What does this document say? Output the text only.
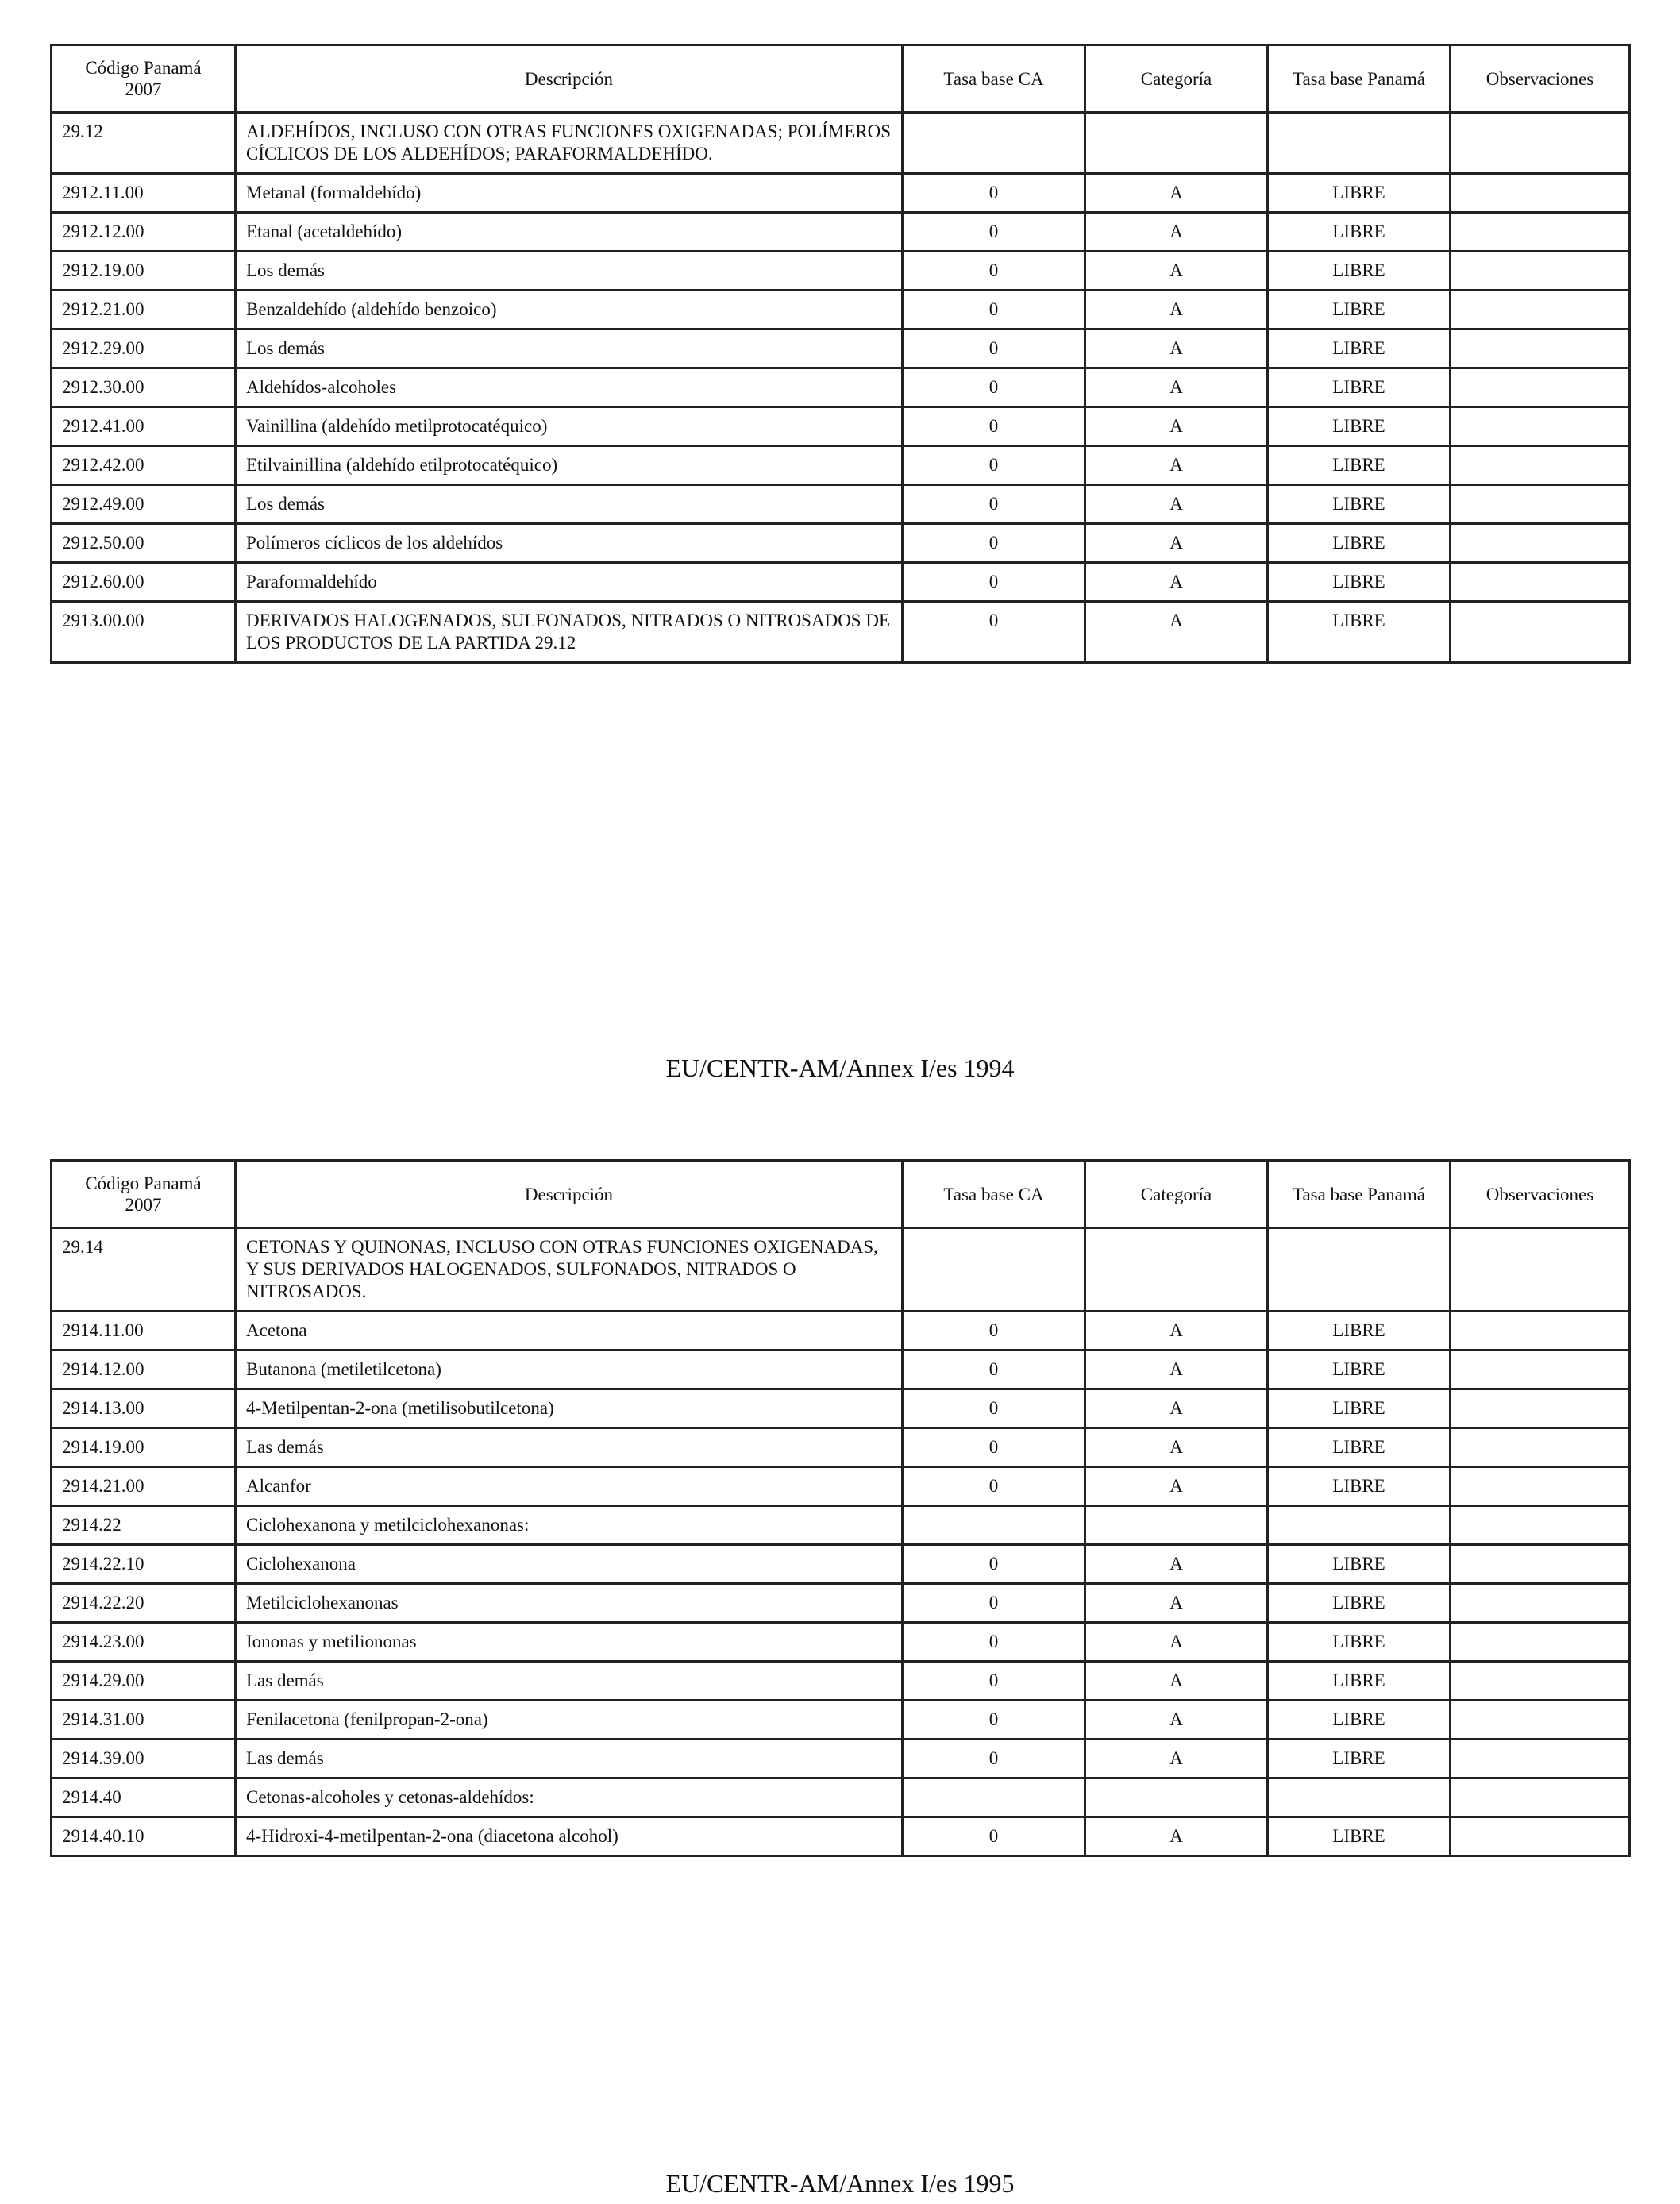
Código Panamá
2007	Descripción	Tasa base CA	Categoría	Tasa base Panamá	Observaciones
29.12	ALDEHÍDOS, INCLUSO CON OTRAS FUNCIONES OXIGENADAS; POLÍMEROS CÍCLICOS DE LOS ALDEHÍDOS; PARAFORMALDEHÍDO.				
2912.11.00	Metanal (formaldehído)	0	A	LIBRE	
2912.12.00	Etanal (acetaldehído)	0	A	LIBRE	
2912.19.00	Los demás	0	A	LIBRE	
2912.21.00	Benzaldehído (aldehído benzoico)	0	A	LIBRE	
2912.29.00	Los demás	0	A	LIBRE	
2912.30.00	Aldehídos-alcoholes	0	A	LIBRE	
2912.41.00	Vainillina (aldehído metilprotocatéquico)	0	A	LIBRE	
2912.42.00	Etilvainillina (aldehído etilprotocatéquico)	0	A	LIBRE	
2912.49.00	Los demás	0	A	LIBRE	
2912.50.00	Polímeros cíclicos de los aldehídos	0	A	LIBRE	
2912.60.00	Paraformaldehído	0	A	LIBRE	
2913.00.00	DERIVADOS HALOGENADOS, SULFONADOS, NITRADOS O NITROSADOS DE LOS PRODUCTOS DE LA PARTIDA 29.12	0	A	LIBRE	
EU/CENTR-AM/Annex I/es 1994
Código Panamá
2007	Descripción	Tasa base CA	Categoría	Tasa base Panamá	Observaciones
29.14	CETONAS Y QUINONAS, INCLUSO CON OTRAS FUNCIONES OXIGENADAS, Y SUS DERIVADOS HALOGENADOS, SULFONADOS, NITRADOS O NITROSADOS.				
2914.11.00	Acetona	0	A	LIBRE	
2914.12.00	Butanona (metiletilcetona)	0	A	LIBRE	
2914.13.00	4-Metilpentan-2-ona (metilisobutilcetona)	0	A	LIBRE	
2914.19.00	Las demás	0	A	LIBRE	
2914.21.00	Alcanfor	0	A	LIBRE	
2914.22	Ciclohexanona y metilciclohexanonas:				
2914.22.10	Ciclohexanona	0	A	LIBRE	
2914.22.20	Metilciclohexanonas	0	A	LIBRE	
2914.23.00	Iononas y metiliononas	0	A	LIBRE	
2914.29.00	Las demás	0	A	LIBRE	
2914.31.00	Fenilacetona (fenilpropan-2-ona)	0	A	LIBRE	
2914.39.00	Las demás	0	A	LIBRE	
2914.40	Cetonas-alcoholes y cetonas-aldehídos:				
2914.40.10	4-Hidroxi-4-metilpentan-2-ona (diacetona alcohol)	0	A	LIBRE	
EU/CENTR-AM/Annex I/es 1995
